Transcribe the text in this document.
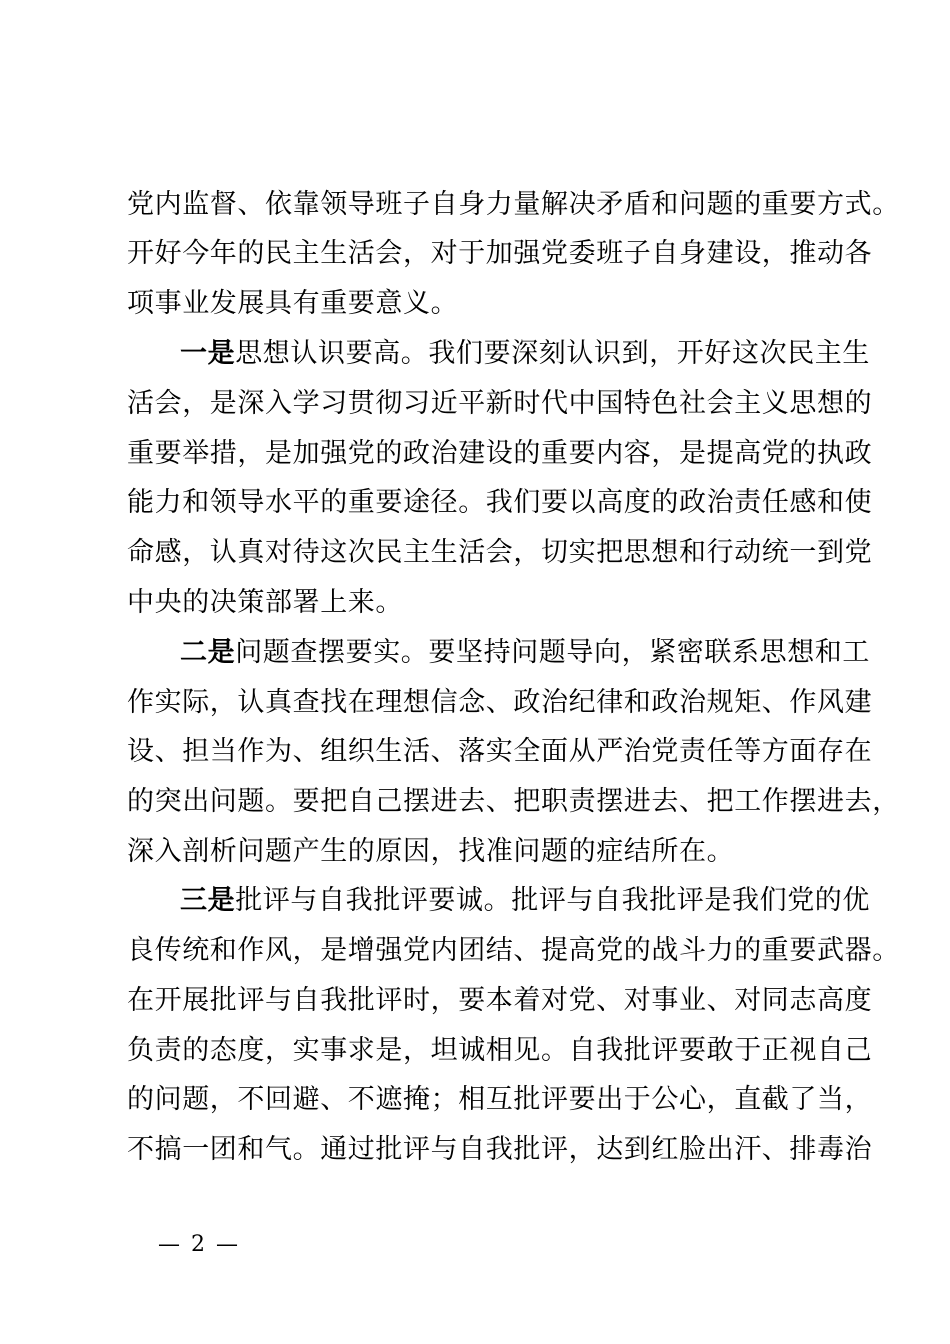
党内监督、依靠领导班子自身力量解决矛盾和问题的重要方式。
开好今年的民主生活会，对于加强党委班子自身建设，推动各
项事业发展具有重要意义。
一是思想认识要高。我们要深刻认识到，开好这次民主生
活会，是深入学习贯彻习近平新时代中国特色社会主义思想的
重要举措，是加强党的政治建设的重要内容，是提高党的执政
能力和领导水平的重要途径。我们要以高度的政治责任感和使
命感，认真对待这次民主生活会，切实把思想和行动统一到党
中央的决策部署上来。
二是问题查摆要实。要坚持问题导向，紧密联系思想和工
作实际，认真查找在理想信念、政治纪律和政治规矩、作风建
设、担当作为、组织生活、落实全面从严治党责任等方面存在
的突出问题。要把自己摆进去、把职责摆进去、把工作摆进去，
深入剖析问题产生的原因，找准问题的症结所在。
三是批评与自我批评要诚。批评与自我批评是我们党的优
良传统和作风，是增强党内团结、提高党的战斗力的重要武器。
在开展批评与自我批评时，要本着对党、对事业、对同志高度
负责的态度，实事求是，坦诚相见。自我批评要敢于正视自己
的问题，不回避、不遮掩；相互批评要出于公心，直截了当，
不搞一团和气。通过批评与自我批评，达到红脸出汗、排毒治
— 2 —
